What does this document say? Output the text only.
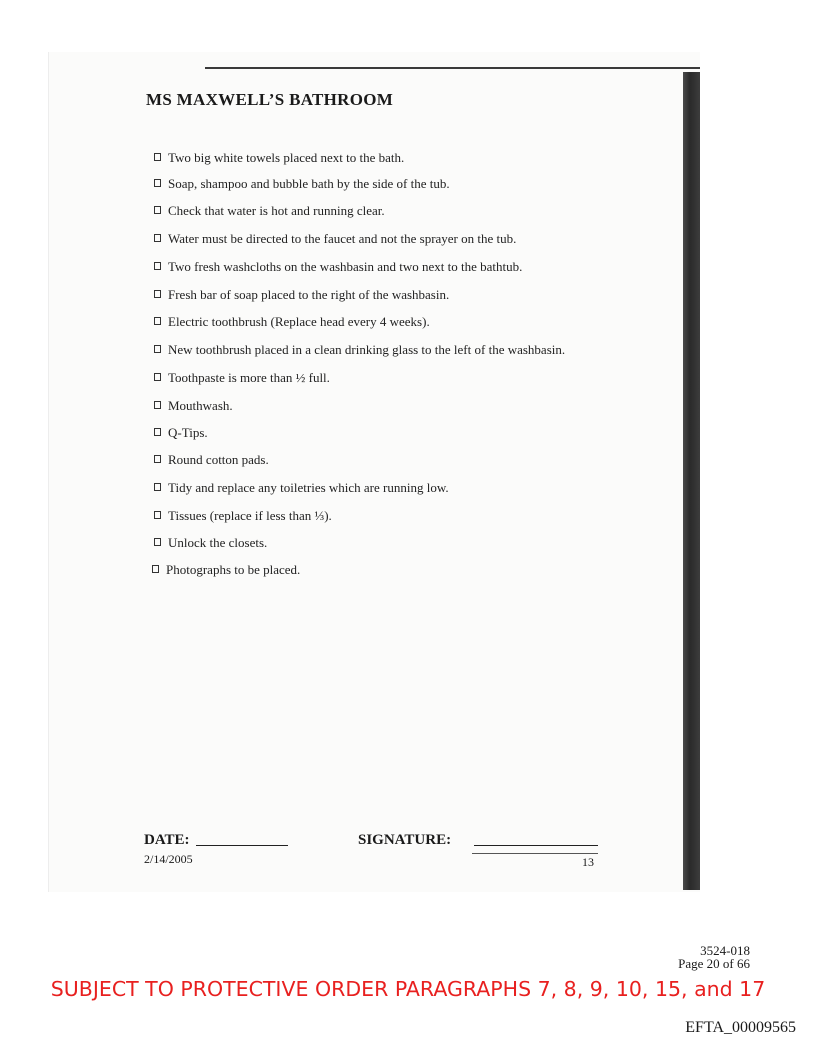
MS MAXWELL’S BATHROOM
Two big white towels placed next to the bath.
Soap, shampoo and bubble bath by the side of the tub.
Check that water is hot and running clear.
Water must be directed to the faucet and not the sprayer on the tub.
Two fresh washcloths on the washbasin and two next to the bathtub.
Fresh bar of soap placed to the right of the washbasin.
Electric toothbrush (Replace head every 4 weeks).
New toothbrush placed in a clean drinking glass to the left of the washbasin.
Toothpaste is more than ½ full.
Mouthwash.
Q-Tips.
Round cotton pads.
Tidy and replace any toiletries which are running low.
Tissues (replace if less than ⅓).
Unlock the closets.
Photographs to be placed.
DATE:	SIGNATURE:
2/14/2005	13
3524-018
Page 20 of 66
SUBJECT TO PROTECTIVE ORDER PARAGRAPHS 7, 8, 9, 10, 15, and 17
EFTA_00009565
